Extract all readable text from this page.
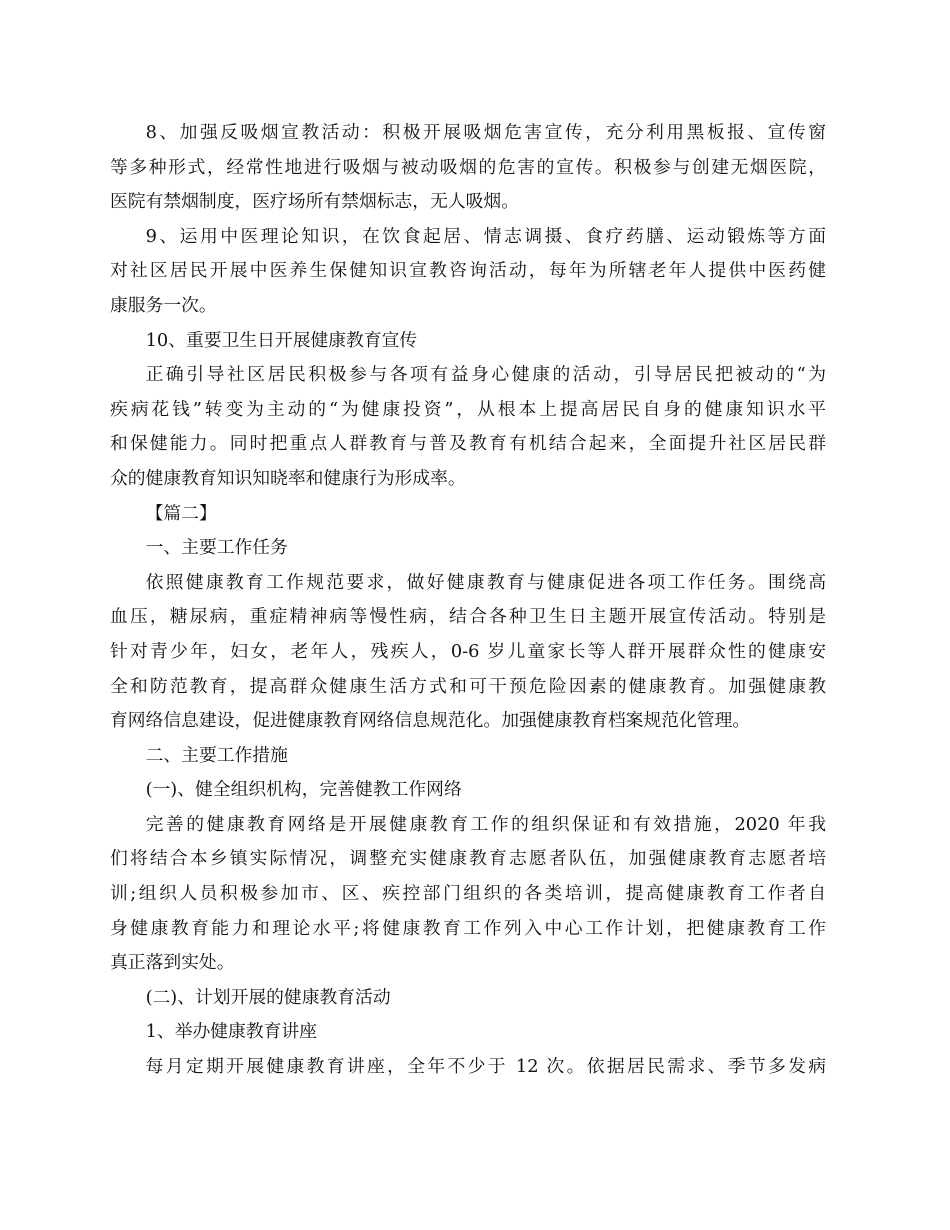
8、加强反吸烟宣教活动：积极开展吸烟危害宣传，充分利用黑板报、宣传窗
等多种形式，经常性地进行吸烟与被动吸烟的危害的宣传。积极参与创建无烟医院，
医院有禁烟制度，医疗场所有禁烟标志，无人吸烟。
9、运用中医理论知识，在饮食起居、情志调摄、食疗药膳、运动锻炼等方面
对社区居民开展中医养生保健知识宣教咨询活动，每年为所辖老年人提供中医药健
康服务一次。
10、重要卫生日开展健康教育宣传
正确引导社区居民积极参与各项有益身心健康的活动，引导居民把被动的“为
疾病花钱”转变为主动的“为健康投资”，从根本上提高居民自身的健康知识水平
和保健能力。同时把重点人群教育与普及教育有机结合起来，全面提升社区居民群
众的健康教育知识知晓率和健康行为形成率。
【篇二】
一、主要工作任务
依照健康教育工作规范要求，做好健康教育与健康促进各项工作任务。围绕高
血压，糖尿病，重症精神病等慢性病，结合各种卫生日主题开展宣传活动。特别是
针对青少年，妇女，老年人，残疾人，0-6 岁儿童家长等人群开展群众性的健康安
全和防范教育，提高群众健康生活方式和可干预危险因素的健康教育。加强健康教
育网络信息建设，促进健康教育网络信息规范化。加强健康教育档案规范化管理。
二、主要工作措施
(一)、健全组织机构，完善健教工作网络
完善的健康教育网络是开展健康教育工作的组织保证和有效措施，2020 年我
们将结合本乡镇实际情况，调整充实健康教育志愿者队伍，加强健康教育志愿者培
训;组织人员积极参加市、区、疾控部门组织的各类培训，提高健康教育工作者自
身健康教育能力和理论水平;将健康教育工作列入中心工作计划，把健康教育工作
真正落到实处。
(二)、计划开展的健康教育活动
1、举办健康教育讲座
每月定期开展健康教育讲座，全年不少于 12 次。依据居民需求、季节多发病
